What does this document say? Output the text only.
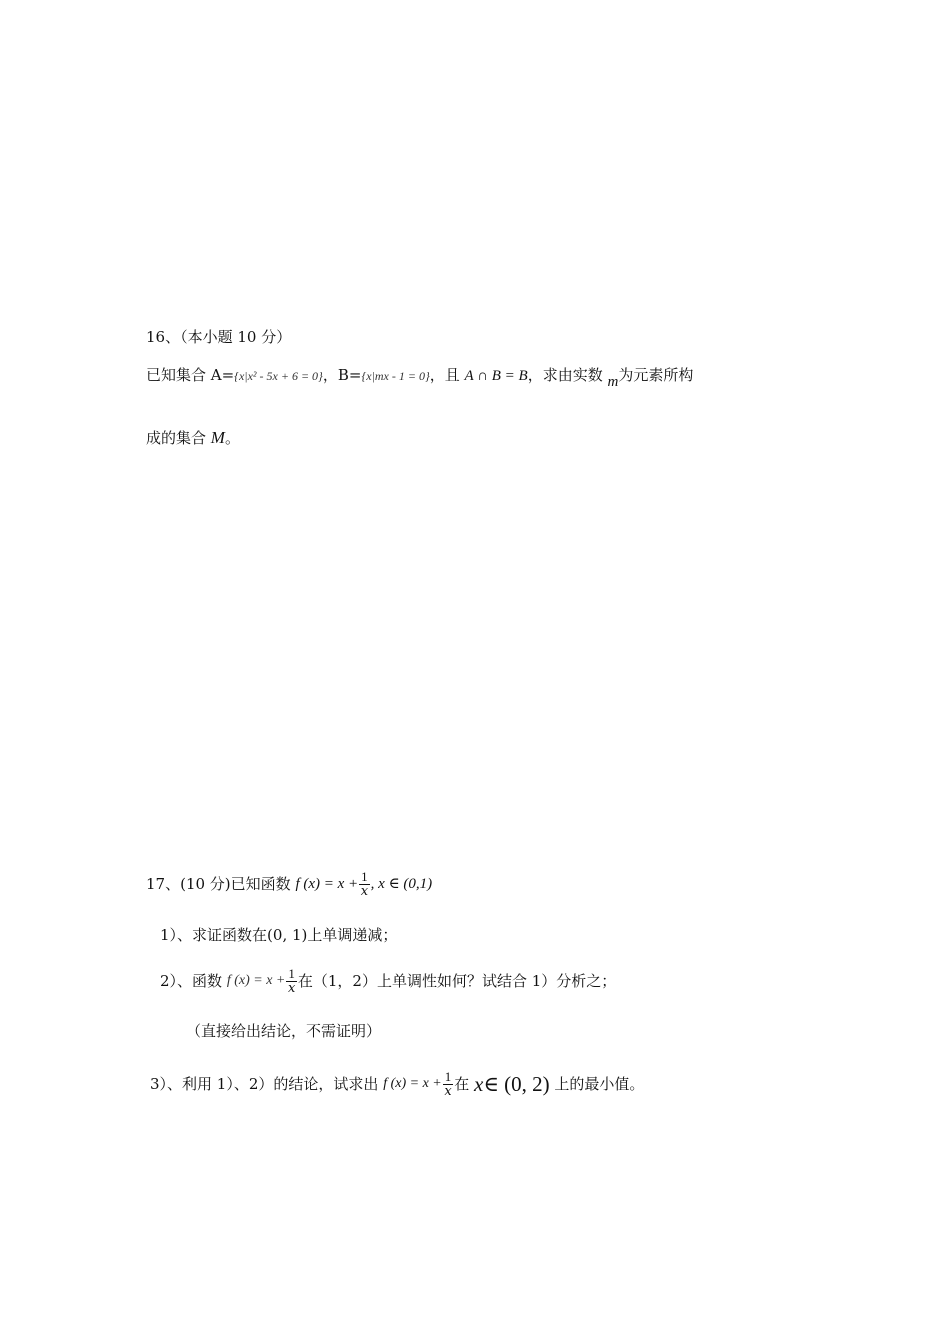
16、（本小题 10 分）
已知集合 A={x|x² - 5x + 6 = 0}，B={x|mx - 1 = 0}，且 A ∩ B = B，求由实数 m为元素所构
成的集合 M。
17、(10 分)已知函数 f $(x) = x + \frac{1}{x}$ , x ∈ (0,1)
1）、求证函数在(0, 1)上单调递减；
2）、函数 f $(x) = x + \frac{1}{x}$ 在（1，2）上单调性如何？试结合 1）分析之；
（直接给出结论，不需证明）
3）、利用 1）、2）的结论，试求出 f $(x) = x + \frac{1}{x}$ 在 x∈ (0, 2) 上的最小值。
